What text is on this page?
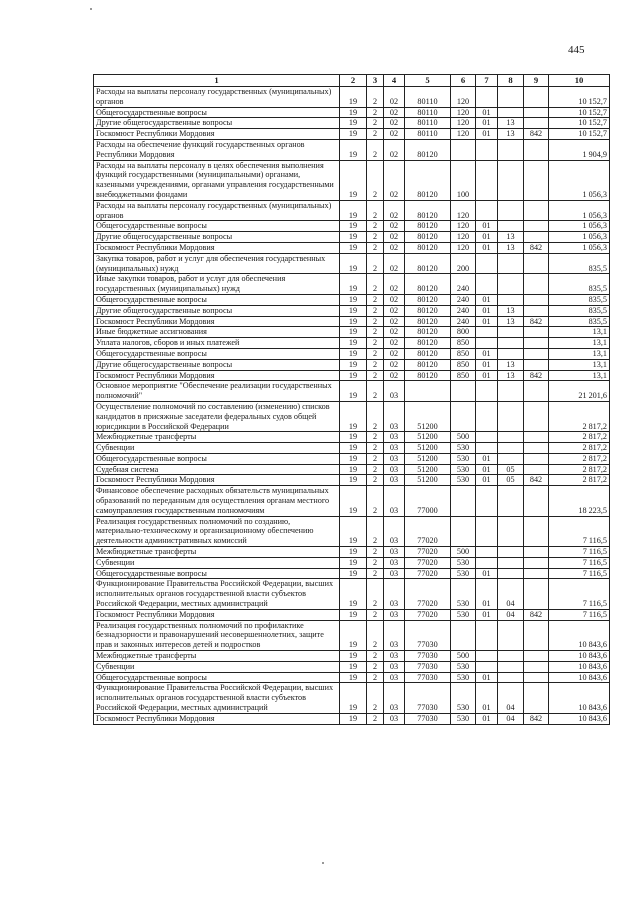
445
1	2	3	4	5	6	7	8	9	10
Расходы на выплаты персоналу государственных (муниципальных) органов	19	2	02	80110	120				10 152,7
Общегосударственные вопросы	19	2	02	80110	120	01			10 152,7
Другие общегосударственные вопросы	19	2	02	80110	120	01	13		10 152,7
Госкомюст Республики Мордовия	19	2	02	80110	120	01	13	842	10 152,7
Расходы на обеспечение функций государственных органов Республики Мордовия	19	2	02	80120					1 904,9
Расходы на выплаты персоналу в целях обеспечения выполнения функций государственными (муниципальными) органами, казенными учреждениями, органами управления государственными внебюджетными фондами	19	2	02	80120	100				1 056,3
Расходы на выплаты персоналу государственных (муниципальных) органов	19	2	02	80120	120				1 056,3
Общегосударственные вопросы	19	2	02	80120	120	01			1 056,3
Другие общегосударственные вопросы	19	2	02	80120	120	01	13		1 056,3
Госкомюст Республики Мордовия	19	2	02	80120	120	01	13	842	1 056,3
Закупка товаров, работ и услуг для обеспечения государственных (муниципальных) нужд	19	2	02	80120	200				835,5
Иные закупки товаров, работ и услуг для обеспечения государственных (муниципальных) нужд	19	2	02	80120	240				835,5
Общегосударственные вопросы	19	2	02	80120	240	01			835,5
Другие общегосударственные вопросы	19	2	02	80120	240	01	13		835,5
Госкомюст Республики Мордовия	19	2	02	80120	240	01	13	842	835,5
Иные бюджетные ассигнования	19	2	02	80120	800				13,1
Уплата налогов, сборов и иных платежей	19	2	02	80120	850				13,1
Общегосударственные вопросы	19	2	02	80120	850	01			13,1
Другие общегосударственные вопросы	19	2	02	80120	850	01	13		13,1
Госкомюст Республики Мордовия	19	2	02	80120	850	01	13	842	13,1
Основное мероприятие "Обеспечение реализации государственных полномочий"	19	2	03						21 201,6
Осуществление полномочий по составлению (изменению) списков кандидатов в присяжные заседатели федеральных судов общей юрисдикции в Российской Федерации	19	2	03	51200					2 817,2
Межбюджетные трансферты	19	2	03	51200	500				2 817,2
Субвенции	19	2	03	51200	530				2 817,2
Общегосударственные вопросы	19	2	03	51200	530	01			2 817,2
Судебная система	19	2	03	51200	530	01	05		2 817,2
Госкомюст Республики Мордовия	19	2	03	51200	530	01	05	842	2 817,2
Финансовое обеспечение расходных обязательств муниципальных образований по переданным для осуществления органам местного самоуправления государственным полномочиям	19	2	03	77000					18 223,5
Реализация государственных полномочий по созданию, материально-техническому и организационному обеспечению деятельности административных комиссий	19	2	03	77020					7 116,5
Межбюджетные трансферты	19	2	03	77020	500				7 116,5
Субвенции	19	2	03	77020	530				7 116,5
Общегосударственные вопросы	19	2	03	77020	530	01			7 116,5
Функционирование Правительства Российской Федерации, высших исполнительных органов государственной власти субъектов Российской Федерации, местных администраций	19	2	03	77020	530	01	04		7 116,5
Госкомюст Республики Мордовия	19	2	03	77020	530	01	04	842	7 116,5
Реализация государственных полномочий по профилактике безнадзорности и правонарушений несовершеннолетних, защите прав и законных интересов детей и подростков	19	2	03	77030					10 843,6
Межбюджетные трансферты	19	2	03	77030	500				10 843,6
Субвенции	19	2	03	77030	530				10 843,6
Общегосударственные вопросы	19	2	03	77030	530	01			10 843,6
Функционирование Правительства Российской Федерации, высших исполнительных органов государственной власти субъектов Российской Федерации, местных администраций	19	2	03	77030	530	01	04		10 843,6
Госкомюст Республики Мордовия	19	2	03	77030	530	01	04	842	10 843,6
